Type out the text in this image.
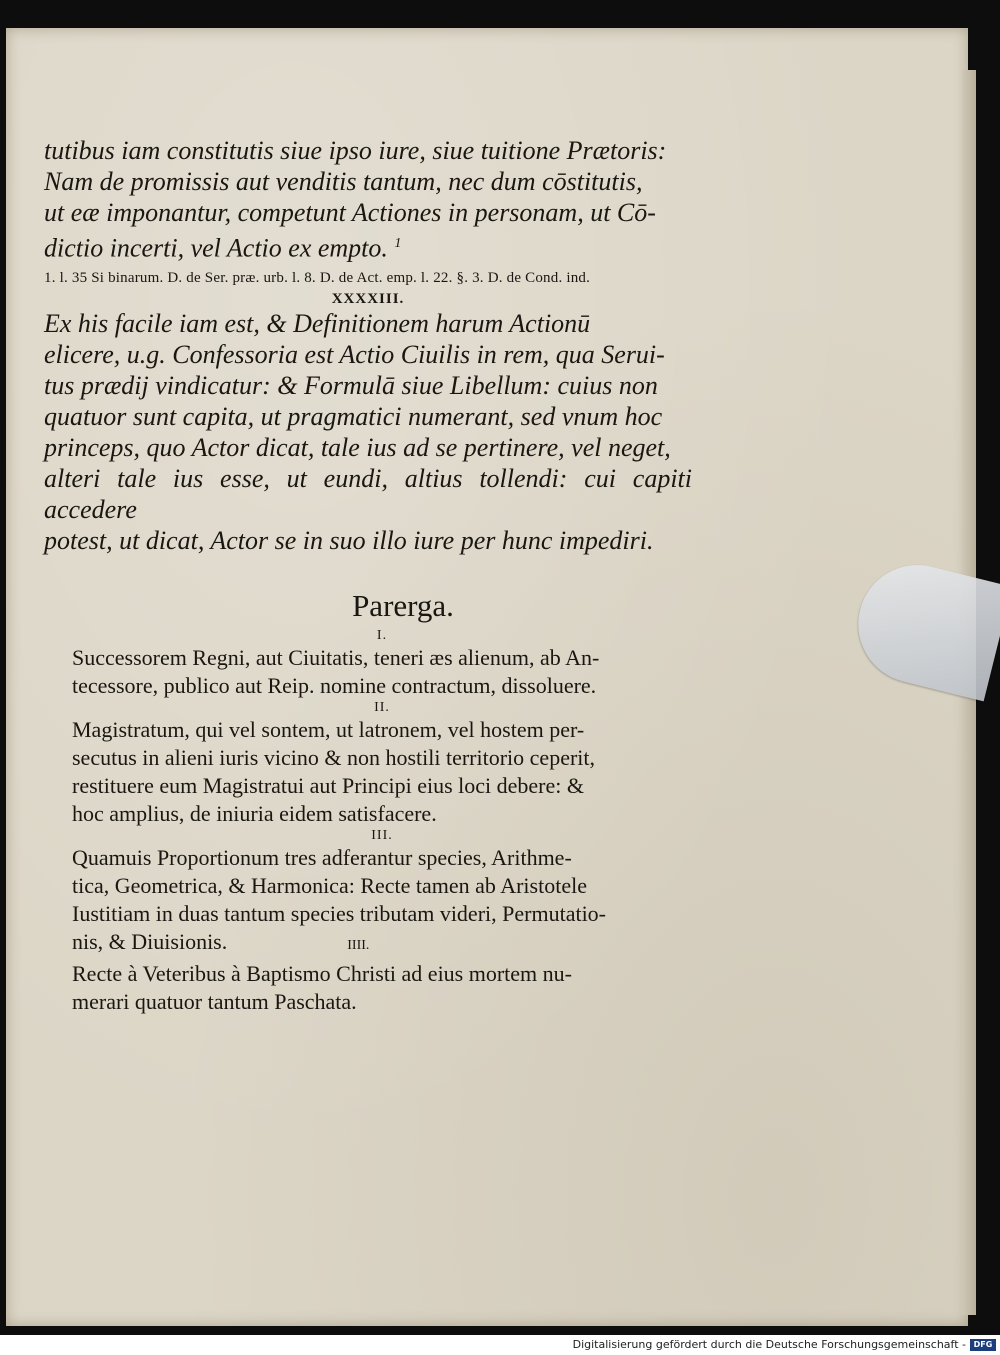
tutibus iam constitutis siue ipso iure, siue tuitione Prætoris:

Nam de promissis aut venditis tantum, nec dum cōstitutis,

ut eæ imponantur, competunt Actiones in personam, ut Cō-

dictio incerti, vel Actio ex empto. $^1$

1. l. 35 Si binarum. D. de Ser. præ. urb. l. 8. D. de Act. emp. l. 22. §. 3. D. de Cond. ind.

XXXXIII.

Ex his facile iam est, & Definitionem harum Actionū

elicere, u.g. Confessoria est Actio Ciuilis in rem, qua Serui-

tus prædij vindicatur: & Formulā siue Libellum: cuius non

quatuor sunt capita, ut pragmatici numerant, sed vnum hoc

princeps, quo Actor dicat, tale ius ad se pertinere, vel neget,

alteri tale ius esse, ut eundi, altius tollendi: cui capiti accedere

potest, ut dicat, Actor se in suo illo iure per hunc impediri.

Parerga.
I.

Successorem Regni, aut Ciuitatis, teneri æs alienum, ab An-

tecessore, publico aut Reip. nomine contractum, dissoluere.

II.

Magistratum, qui vel sontem, ut latronem, vel hostem per-

secutus in alieni iuris vicino & non hostili territorio ceperit,

restituere eum Magistratui aut Principi eius loci debere: &

hoc amplius, de iniuria eidem satisfacere.

III.

Quamuis Proportionum tres adferantur species, Arithme-

tica, Geometrica, & Harmonica: Recte tamen ab Aristotele

Iustitiam in duas tantum species tributam videri, Permutatio-

nis, & Diuisionis.	IIII.

Recte à Veteribus à Baptismo Christi ad eius mortem nu-

merari quatuor tantum Paschata.

Digitalisierung gefördert durch die Deutsche Forschungsgemeinschaft - DFG
